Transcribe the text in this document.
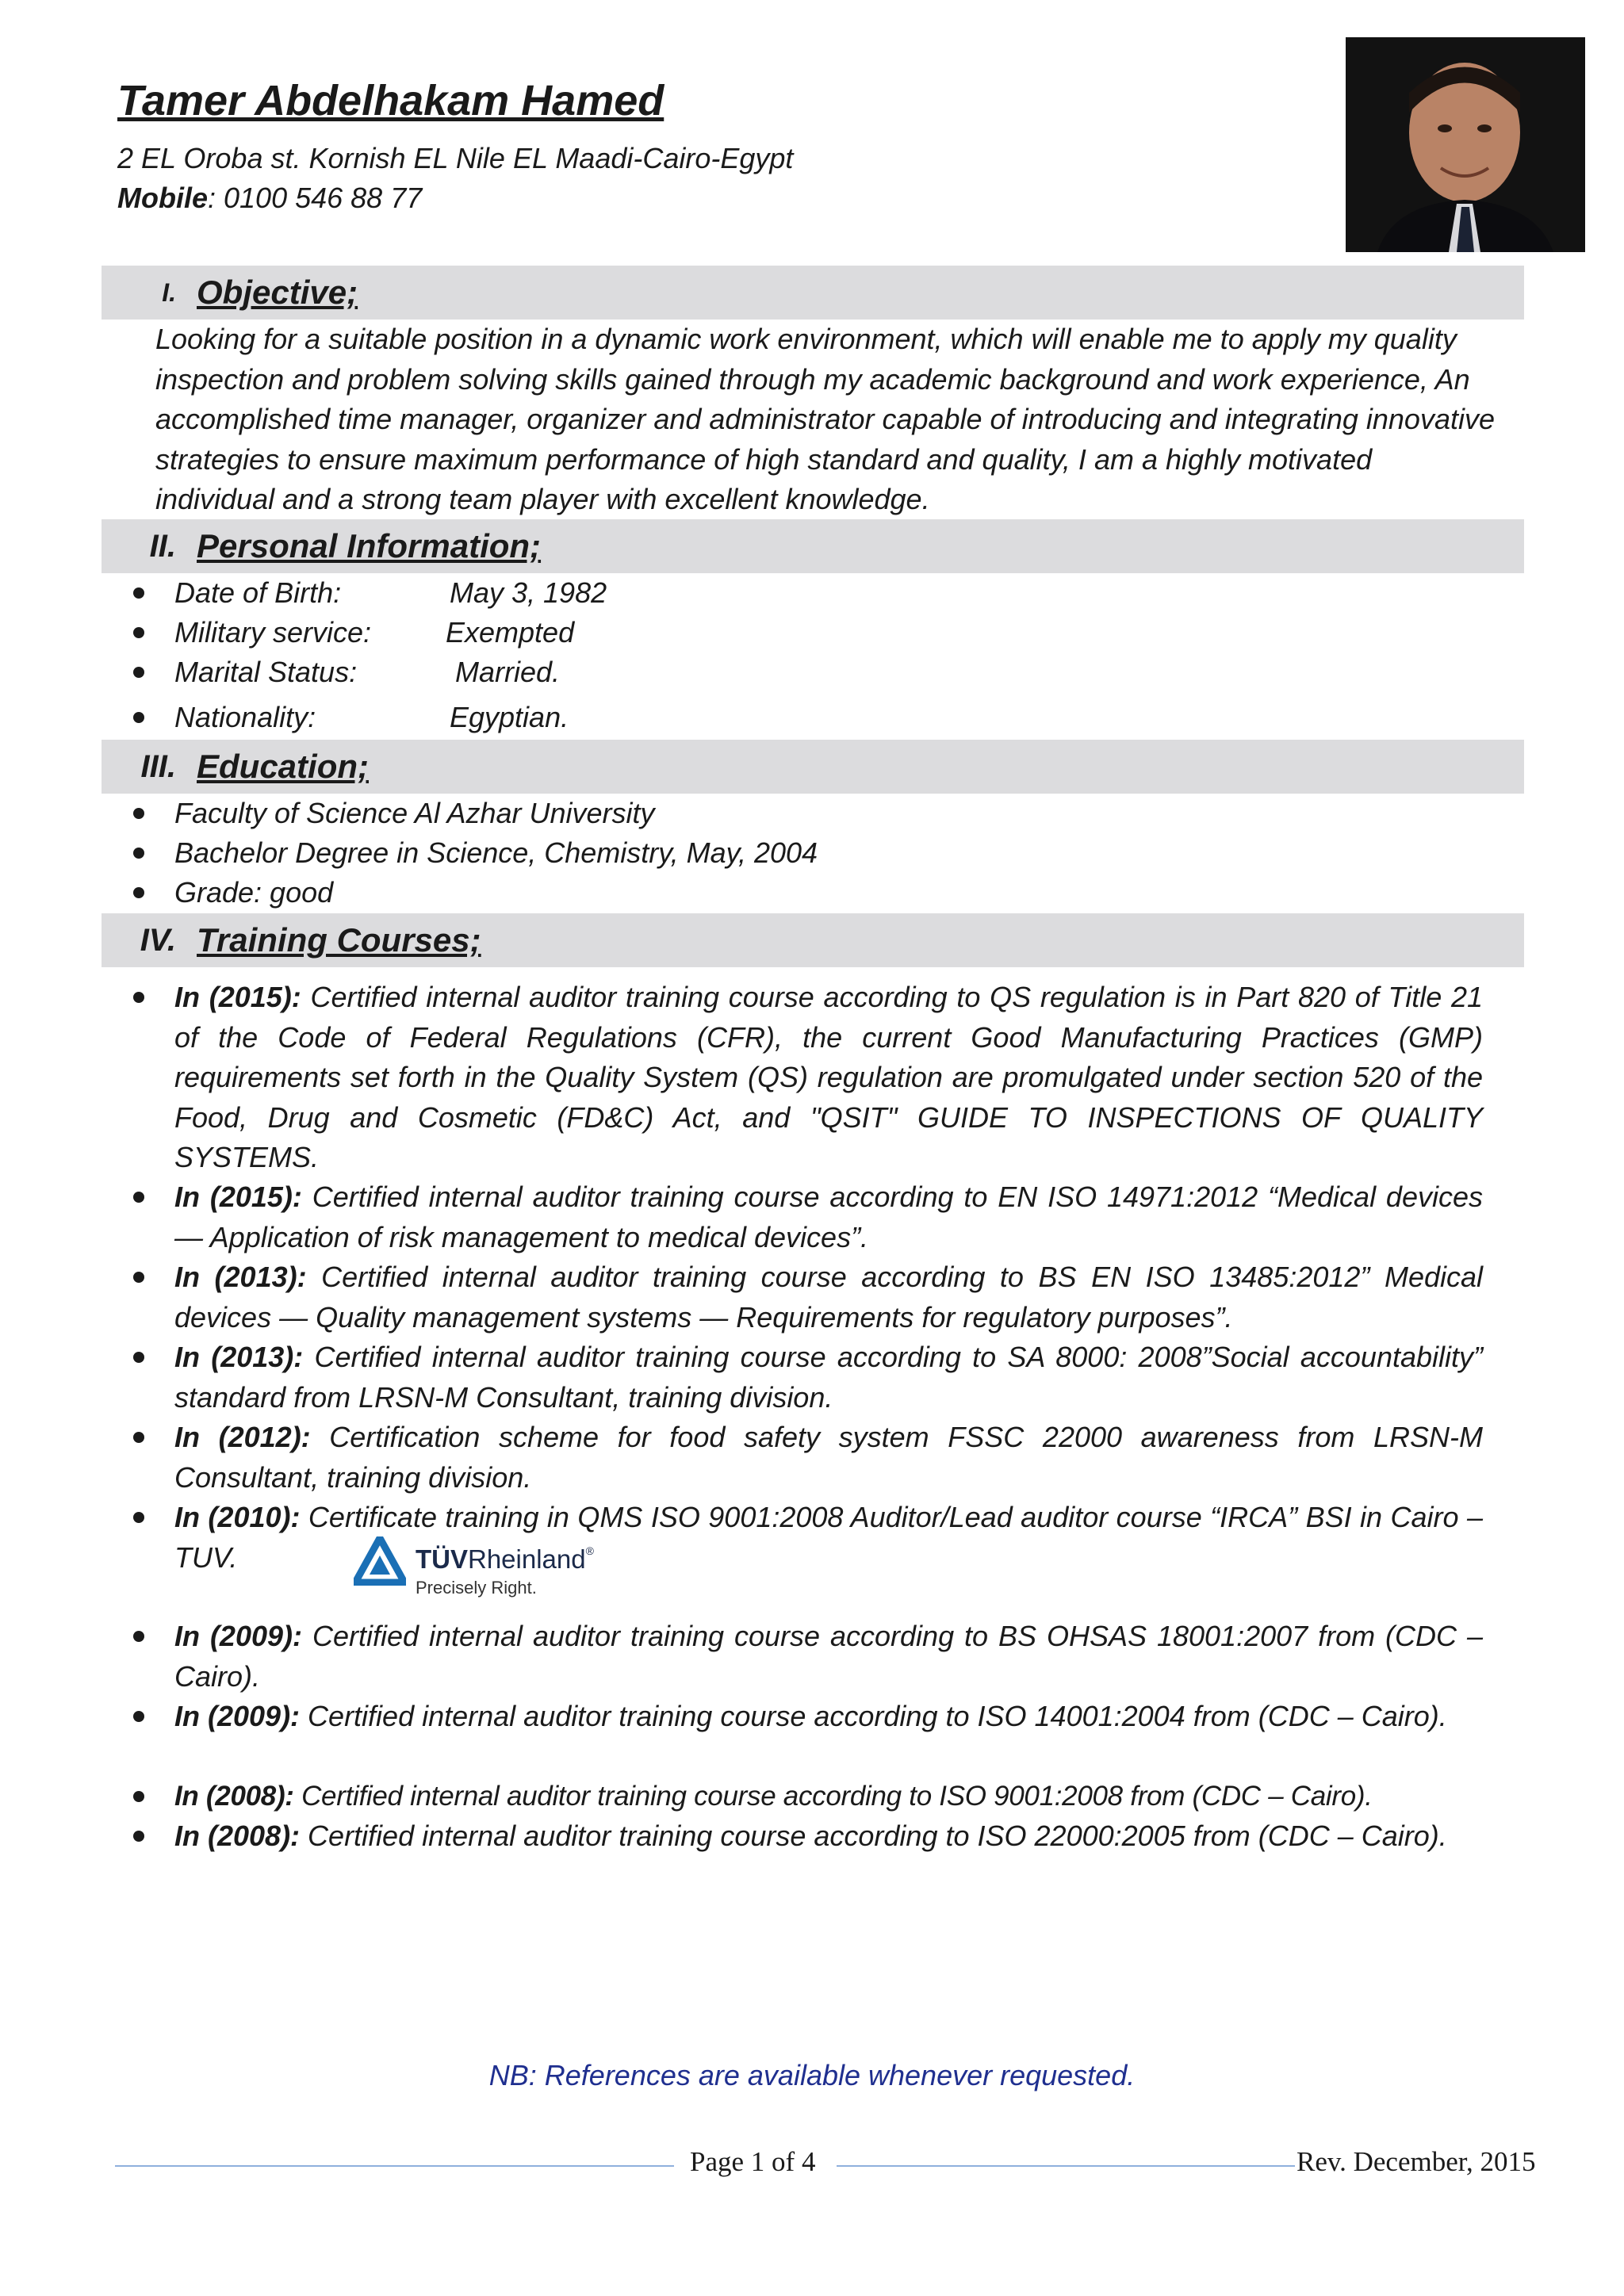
Tamer Abdelhakam Hamed
2 EL Oroba st. Kornish EL Nile EL Maadi-Cairo-Egypt
Mobile: 0100 546 88 77
I. Objective;

Looking for a suitable position in a dynamic work environment, which will enable me to apply my quality inspection and problem solving skills gained through my academic background and work experience, An accomplished time manager, organizer and administrator capable of introducing and integrating innovative strategies to ensure maximum performance of high standard and quality, I am a highly motivated individual and a strong team player with excellent knowledge.

II. Personal Information;
Date of Birth:	May 3, 1982
Military service:	Exempted
Marital Status:	Married.
Nationality:	Egyptian.
III. Education;
Faculty of Science Al Azhar University
Bachelor Degree in Science, Chemistry, May, 2004
Grade: good
IV. Training Courses;

In (2015): Certified internal auditor training course according to QS regulation is in Part 820 of Title 21 of the Code of Federal Regulations (CFR), the current Good Manufacturing Practices (GMP) requirements set forth in the Quality System (QS) regulation are promulgated under section 520 of the Food, Drug and Cosmetic (FD&C) Act, and "QSIT" GUIDE TO INSPECTIONS OF QUALITY SYSTEMS.

In (2015): Certified internal auditor training course according to EN ISO 14971:2012 “Medical devices — Application of risk management to medical devices”.

In (2013): Certified internal auditor training course according to BS EN ISO 13485:2012” Medical devices — Quality management systems — Requirements for regulatory purposes”.

In (2013): Certified internal auditor training course according to SA 8000: 2008”Social accountability” standard from LRSN-M Consultant, training division.

In (2012): Certification scheme for food safety system FSSC 22000 awareness from LRSN-M Consultant, training division.

In (2010): Certificate training in QMS ISO 9001:2008 Auditor/Lead auditor course “IRCA” BSI in Cairo – TUV.

In (2009): Certified internal auditor training course according to BS OHSAS 18001:2007 from (CDC – Cairo).

In (2009): Certified internal auditor training course according to ISO 14001:2004 from (CDC – Cairo).

In (2008): Certified internal auditor training course according to ISO 9001:2008 from (CDC – Cairo).

In (2008): Certified internal auditor training course according to ISO 22000:2005 from (CDC – Cairo).

TÜVRheinland®
Precisely Right.
NB: References are available whenever requested.
Page 1 of 4	Rev. December, 2015
